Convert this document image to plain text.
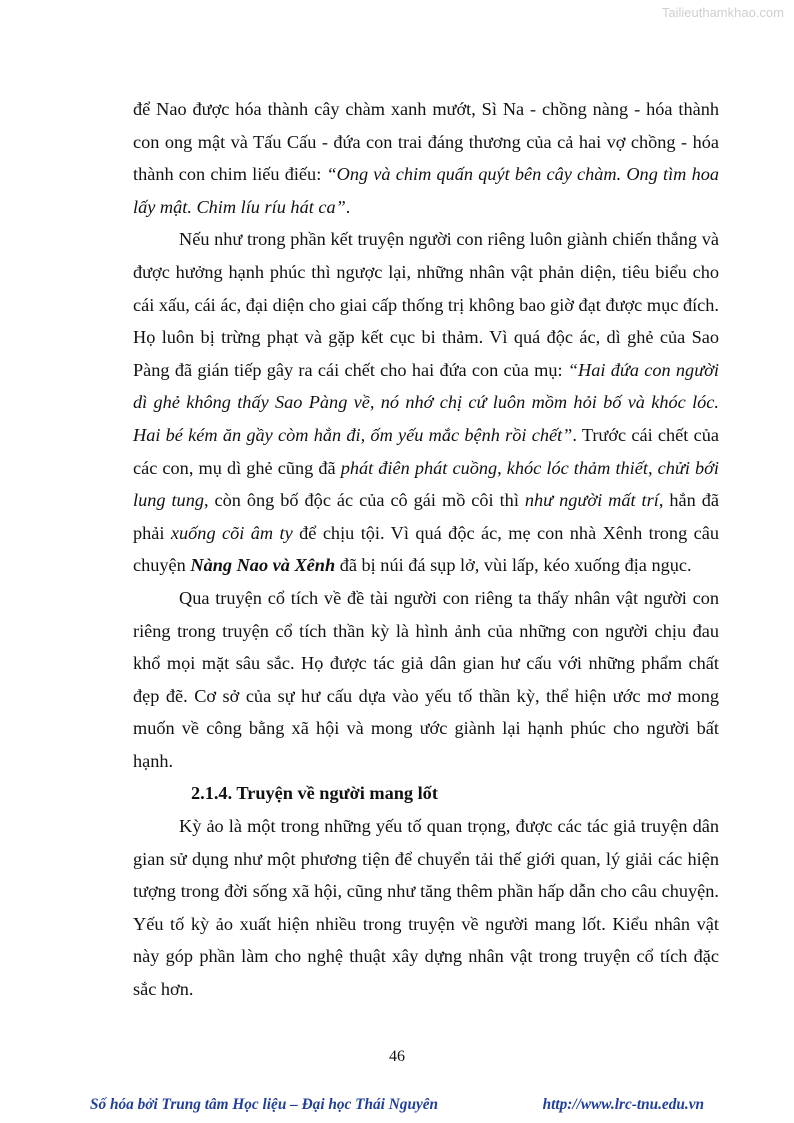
Tailieuthamkhao.com

để Nao được hóa thành cây chàm xanh mướt, Sì Na - chồng nàng - hóa thành con ong mật và Tấu Cấu - đứa con trai đáng thương của cả hai vợ chồng - hóa thành con chim liếu điếu: “Ong và chim quấn quýt bên cây chàm. Ong tìm hoa lấy mật. Chim líu ríu hát ca”.

Nếu như trong phần kết truyện người con riêng luôn giành chiến thắng và được hưởng hạnh phúc thì ngược lại, những nhân vật phản diện, tiêu biểu cho cái xấu, cái ác, đại diện cho giai cấp thống trị không bao giờ đạt được mục đích. Họ luôn bị trừng phạt và gặp kết cục bi thảm. Vì quá độc ác, dì ghẻ của Sao Pàng đã gián tiếp gây ra cái chết cho hai đứa con của mụ: “Hai đứa con người dì ghẻ không thấy Sao Pàng về, nó nhớ chị cứ luôn mồm hỏi bố và khóc lóc. Hai bé kém ăn gầy còm hẳn đi, ốm yếu mắc bệnh rồi chết”. Trước cái chết của các con, mụ dì ghẻ cũng đã phát điên phát cuồng, khóc lóc thảm thiết, chửi bới lung tung, còn ông bố độc ác của cô gái mồ côi thì như người mất trí, hắn đã phải xuống cõi âm ty để chịu tội. Vì quá độc ác, mẹ con nhà Xênh trong câu chuyện Nàng Nao và Xênh đã bị núi đá sụp lở, vùi lấp, kéo xuống địa ngục.

Qua truyện cổ tích về đề tài người con riêng ta thấy nhân vật người con riêng trong truyện cổ tích thần kỳ là hình ảnh của những con người chịu đau khổ mọi mặt sâu sắc. Họ được tác giả dân gian hư cấu với những phẩm chất đẹp đẽ. Cơ sở của sự hư cấu dựa vào yếu tố thần kỳ, thể hiện ước mơ mong muốn về công bằng xã hội và mong ước giành lại hạnh phúc cho người bất hạnh.

2.1.4. Truyện về người mang lốt

Kỳ ảo là một trong những yếu tố quan trọng, được các tác giả truyện dân gian sử dụng như một phương tiện để chuyển tải thế giới quan, lý giải các hiện tượng trong đời sống xã hội, cũng như tăng thêm phần hấp dẫn cho câu chuyện. Yếu tố kỳ ảo xuất hiện nhiều trong truyện về người mang lốt. Kiểu nhân vật này góp phần làm cho nghệ thuật xây dựng nhân vật trong truyện cổ tích đặc sắc hơn.

46
Số hóa bởi Trung tâm Học liệu – Đại học Thái Nguyên	http://www.lrc-tnu.edu.vn
